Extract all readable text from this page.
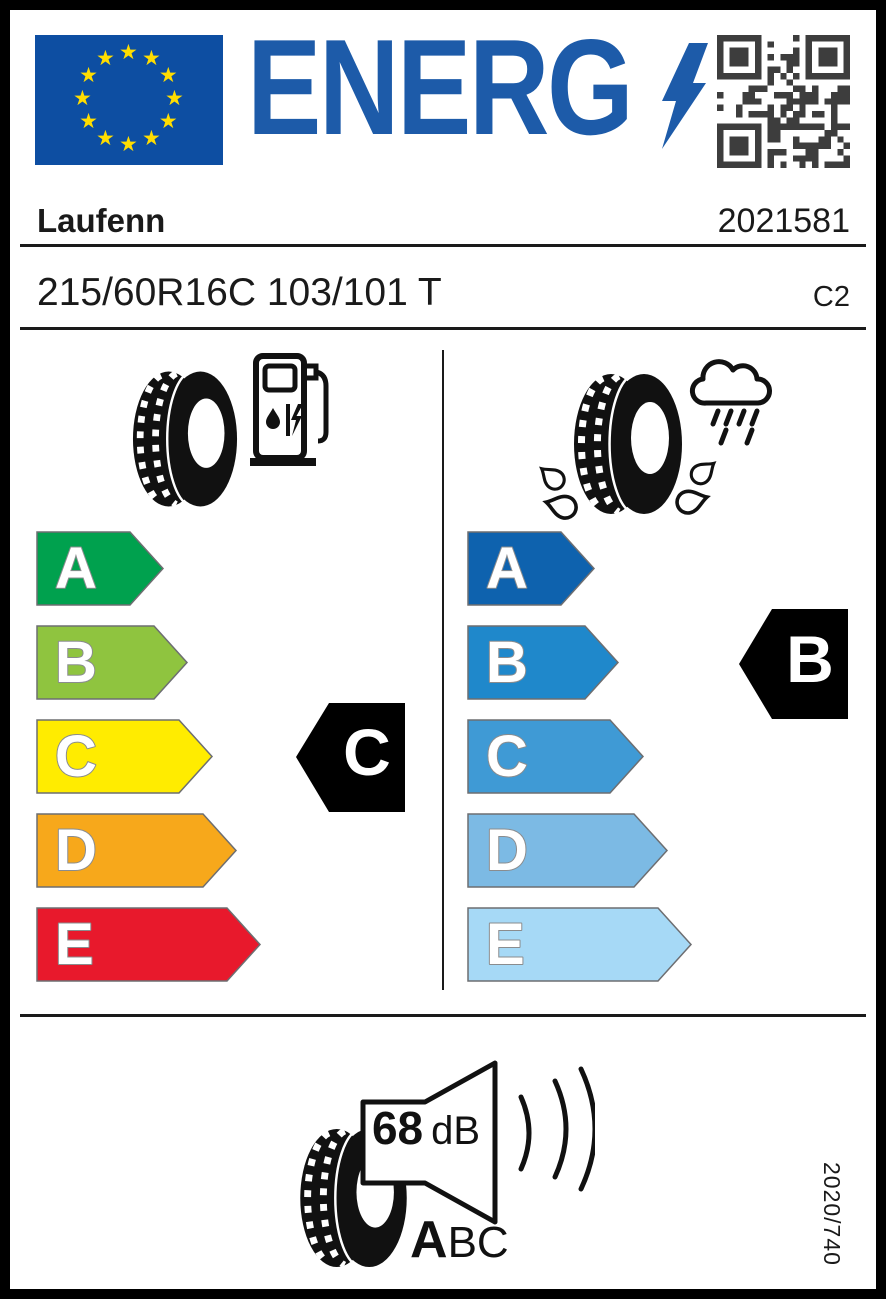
★ ★
★
★
★
★
★
★
★
★
★
★ ENERG
Laufenn	2021581
215/60R16C 103/101 T	C2
A
B
C
D
E
A
B
C
D
E
C
B
68 dB
ABC	2020/740
